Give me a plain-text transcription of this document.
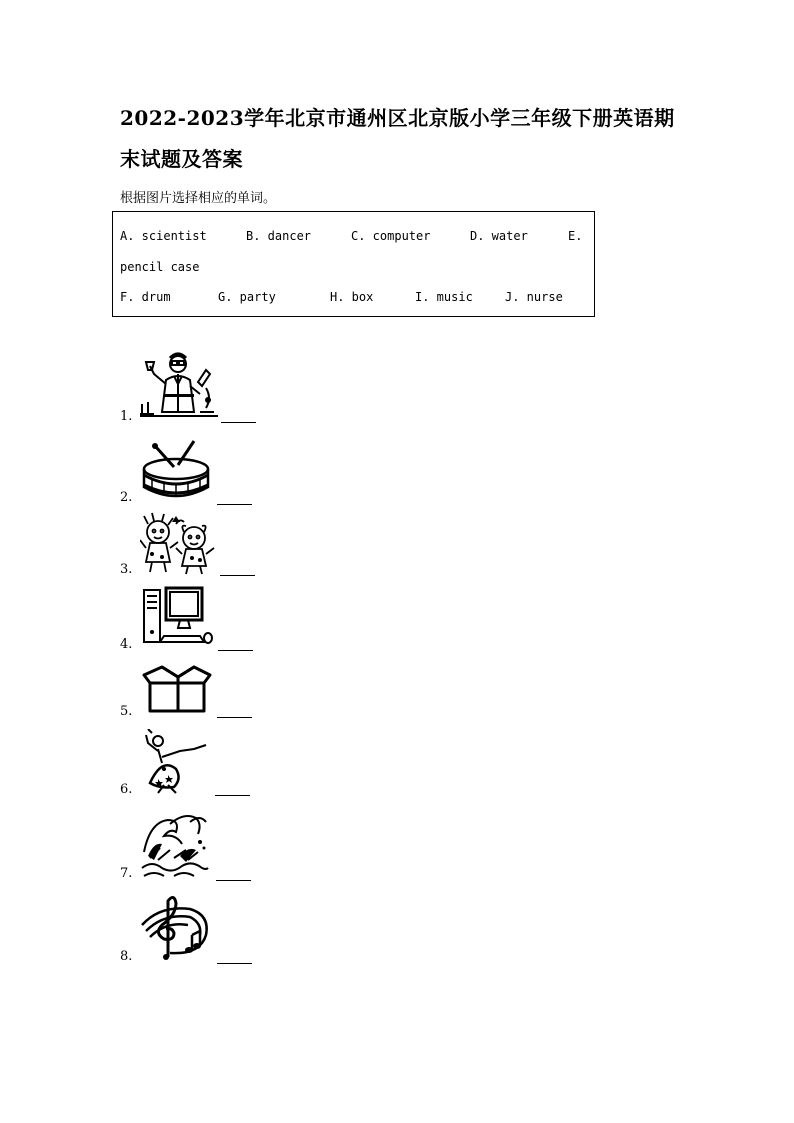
2022-2023学年北京市通州区北京版小学三年级下册英语期
末试题及答案
根据图片选择相应的单词。
A. scientist	B. dancer	C. computer	D. water	E.
pencil case
F. drum	G. party	H. box	I. music	J. nurse
1.
2.
3.
4.
5.
6.
7.
8.
